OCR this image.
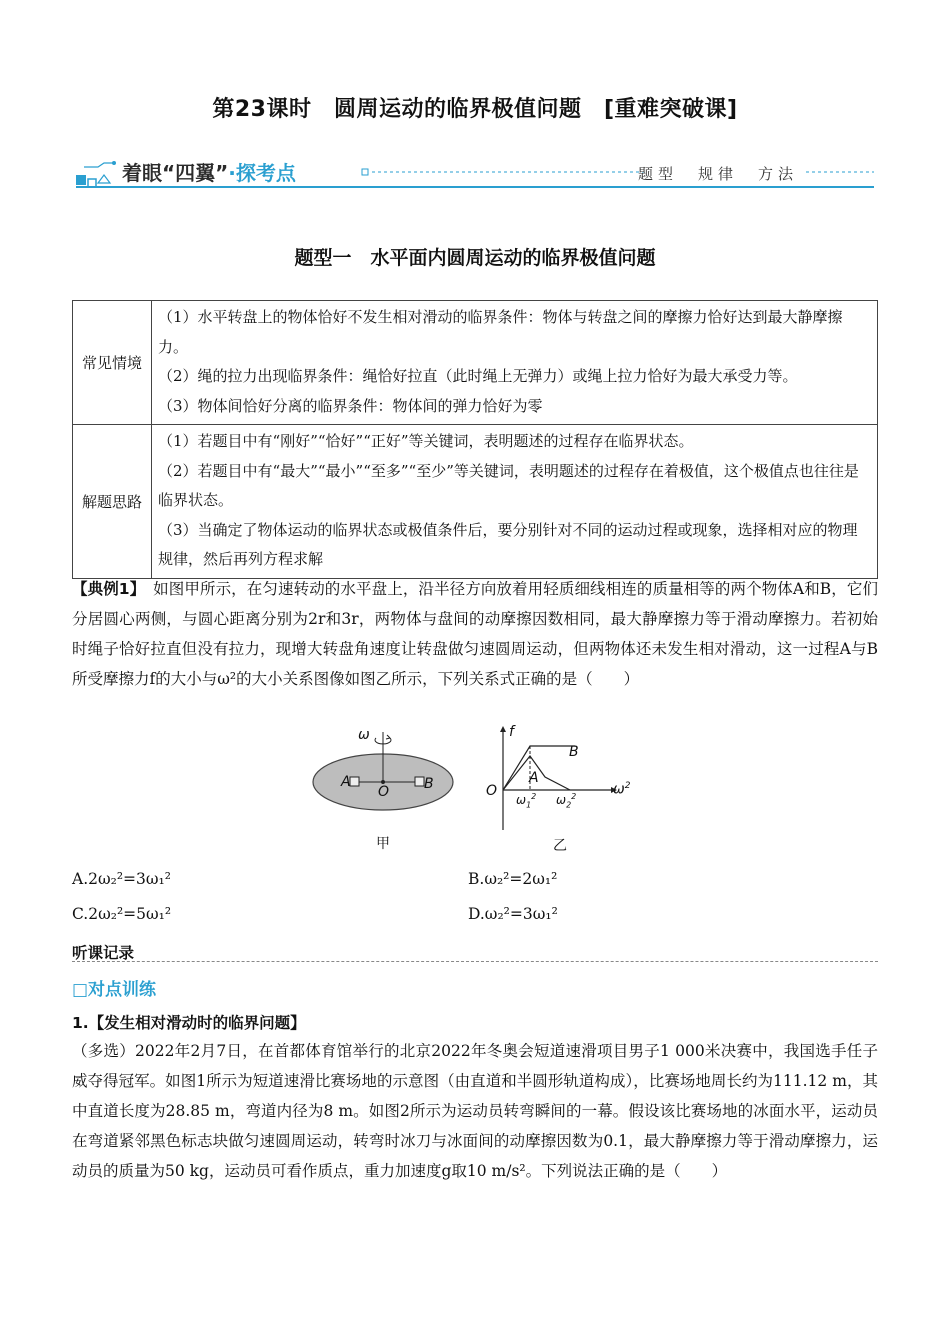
第23课时　圆周运动的临界极值问题　[重难突破课]
着眼“四翼”·探考点	题型　规律　方法
题型一　水平面内圆周运动的临界极值问题
常见情境	（1）水平转盘上的物体恰好不发生相对滑动的临界条件：物体与转盘之间的摩擦力恰好达到最大静摩擦力。
（2）绳的拉力出现临界条件：绳恰好拉直（此时绳上无弹力）或绳上拉力恰好为最大承受力等。
（3）物体间恰好分离的临界条件：物体间的弹力恰好为零

解题思路	（1）若题目中有“刚好”“恰好”“正好”等关键词，表明题述的过程存在临界状态。
（2）若题目中有“最大”“最小”“至多”“至少”等关键词，表明题述的过程存在着极值，这个极值点也往往是临界状态。
（3）当确定了物体运动的临界状态或极值条件后，要分别针对不同的运动过程或现象，选择相对应的物理规律，然后再列方程求解
【典例1】　如图甲所示，在匀速转动的水平盘上，沿半径方向放着用轻质细线相连的质量相等的两个物体A和B，它们分居圆心两侧，与圆心距离分别为2r和3r，两物体与盘间的动摩擦因数相同，最大静摩擦力等于滑动摩擦力。若初始时绳子恰好拉直但没有拉力，现增大转盘角速度让转盘做匀速圆周运动，但两物体还未发生相对滑动，这一过程A与B所受摩擦力f的大小与ω²的大小关系图像如图乙所示，下列关系式正确的是（　　）
ω
A	B
O
甲
f
B
A
O	$\omega^2$
$\omega_1^2$ $\omega_2^2$
乙
A.2ω₂²=3ω₁²	B.ω₂²=2ω₁²
C.2ω₂²=5ω₁²	D.ω₂²=3ω₁²
听课记录
□对点训练
1.【发生相对滑动时的临界问题】
（多选）2022年2月7日，在首都体育馆举行的北京2022年冬奥会短道速滑项目男子1 000米决赛中，我国选手任子威夺得冠军。如图1所示为短道速滑比赛场地的示意图（由直道和半圆形轨道构成），比赛场地周长约为111.12 m，其中直道长度为28.85 m，弯道内径为8 m。如图2所示为运动员转弯瞬间的一幕。假设该比赛场地的冰面水平，运动员在弯道紧邻黑色标志块做匀速圆周运动，转弯时冰刀与冰面间的动摩擦因数为0.1，最大静摩擦力等于滑动摩擦力，运动员的质量为50 kg，运动员可看作质点，重力加速度g取10 m/s²。下列说法正确的是（　　）
